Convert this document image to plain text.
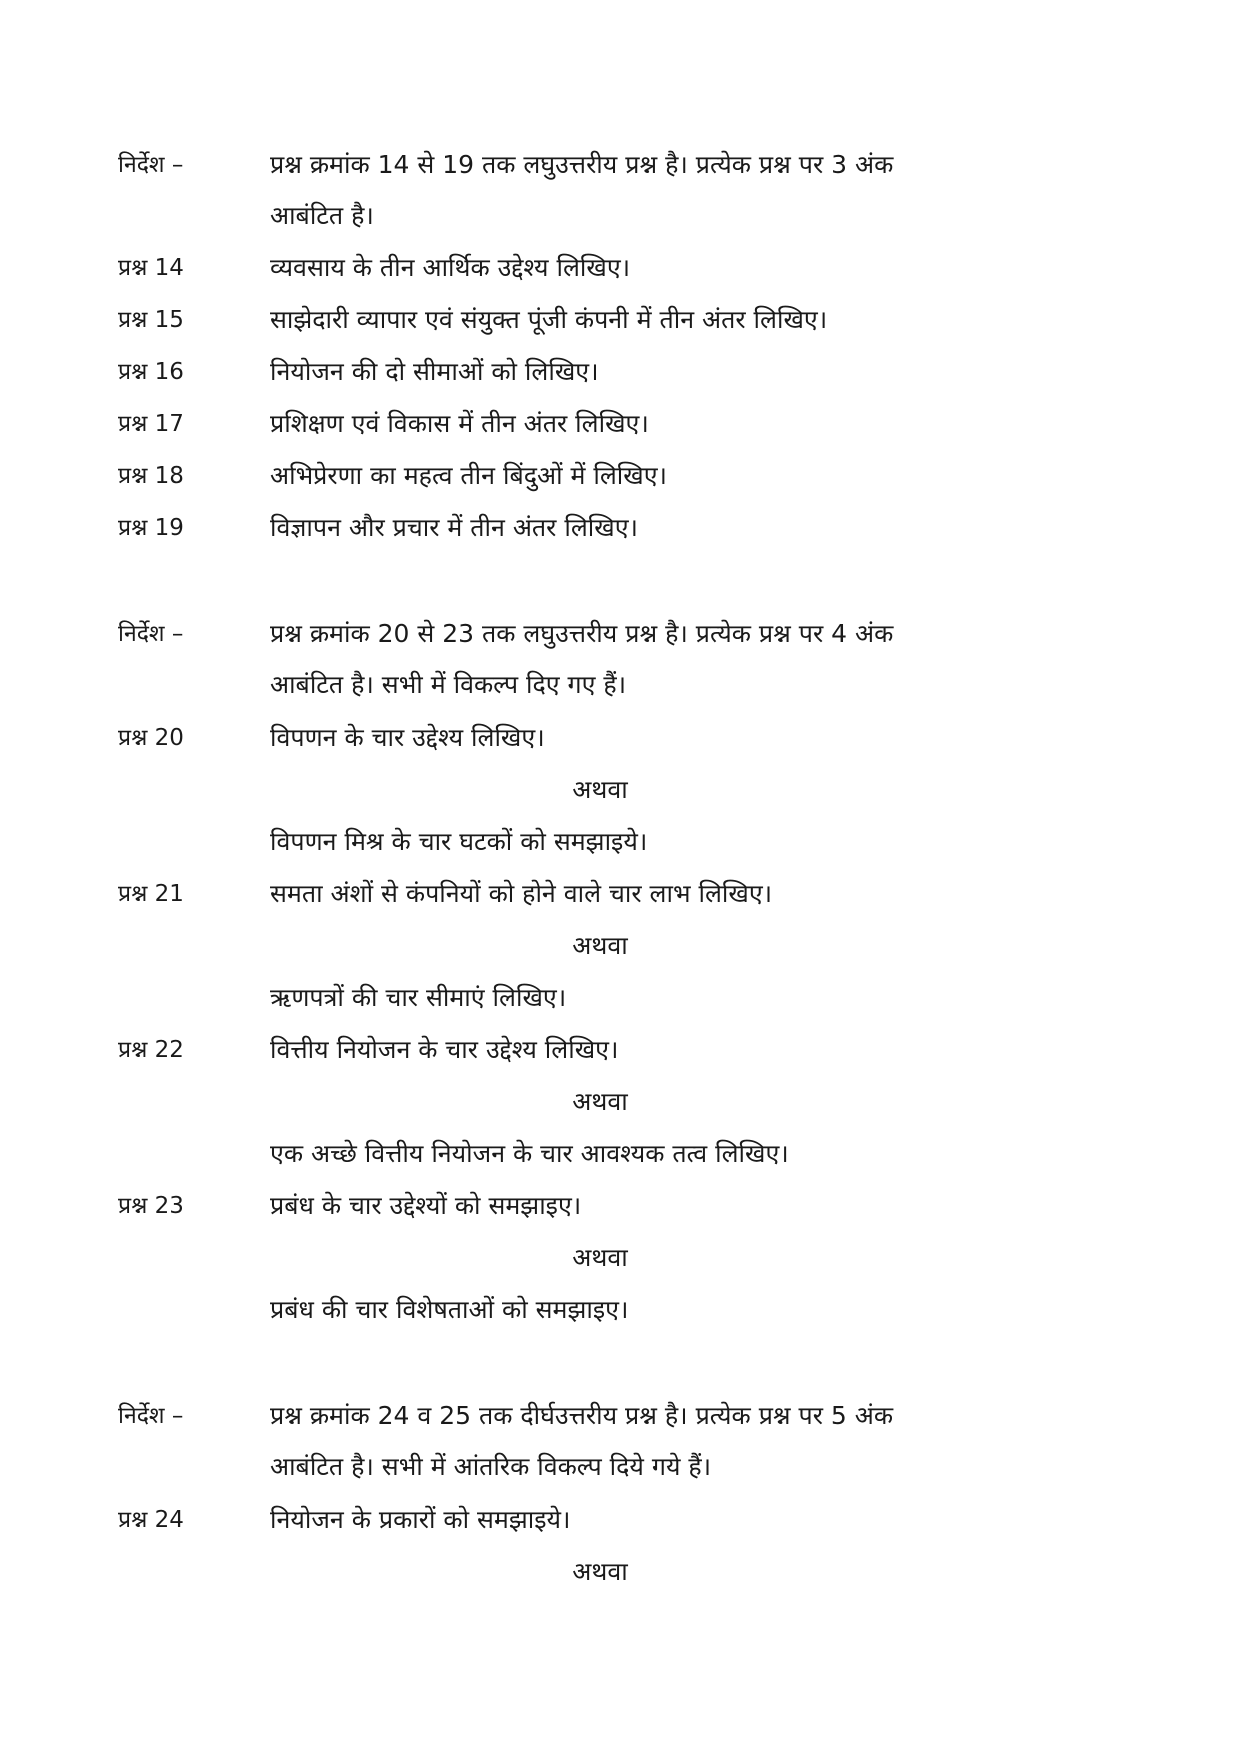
निर्देश –	प्रश्न क्रमांक 14 से 19 तक लघुउत्तरीय प्रश्न है। प्रत्येक प्रश्न पर 3 अंक
आबंटित है।
प्रश्न 14	व्यवसाय के तीन आर्थिक उद्देश्य लिखिए।
प्रश्न 15	साझेदारी व्यापार एवं संयुक्त पूंजी कंपनी में तीन अंतर लिखिए।
प्रश्न 16	नियोजन की दो सीमाओं को लिखिए।
प्रश्न 17	प्रशिक्षण एवं विकास में तीन अंतर लिखिए।
प्रश्न 18	अभिप्रेरणा का महत्व तीन बिंदुओं में लिखिए।
प्रश्न 19	विज्ञापन और प्रचार में तीन अंतर लिखिए।
निर्देश –	प्रश्न क्रमांक 20 से 23 तक लघुउत्तरीय प्रश्न है। प्रत्येक प्रश्न पर 4 अंक
आबंटित है। सभी में विकल्प दिए गए हैं।
प्रश्न 20	विपणन के चार उद्देश्य लिखिए।
अथवा
विपणन मिश्र के चार घटकों को समझाइये।
प्रश्न 21	समता अंशों से कंपनियों को होने वाले चार लाभ लिखिए।
अथवा
ऋणपत्रों की चार सीमाएं लिखिए।
प्रश्न 22	वित्तीय नियोजन के चार उद्देश्य लिखिए।
अथवा
एक अच्छे वित्तीय नियोजन के चार आवश्यक तत्व लिखिए।
प्रश्न 23	प्रबंध के चार उद्देश्यों को समझाइए।
अथवा
प्रबंध की चार विशेषताओं को समझाइए।
निर्देश –	प्रश्न क्रमांक 24 व 25 तक दीर्घउत्तरीय प्रश्न है। प्रत्येक प्रश्न पर 5 अंक
आबंटित है। सभी में आंतरिक विकल्प दिये गये हैं।
प्रश्न 24	नियोजन के प्रकारों को समझाइये।
अथवा
